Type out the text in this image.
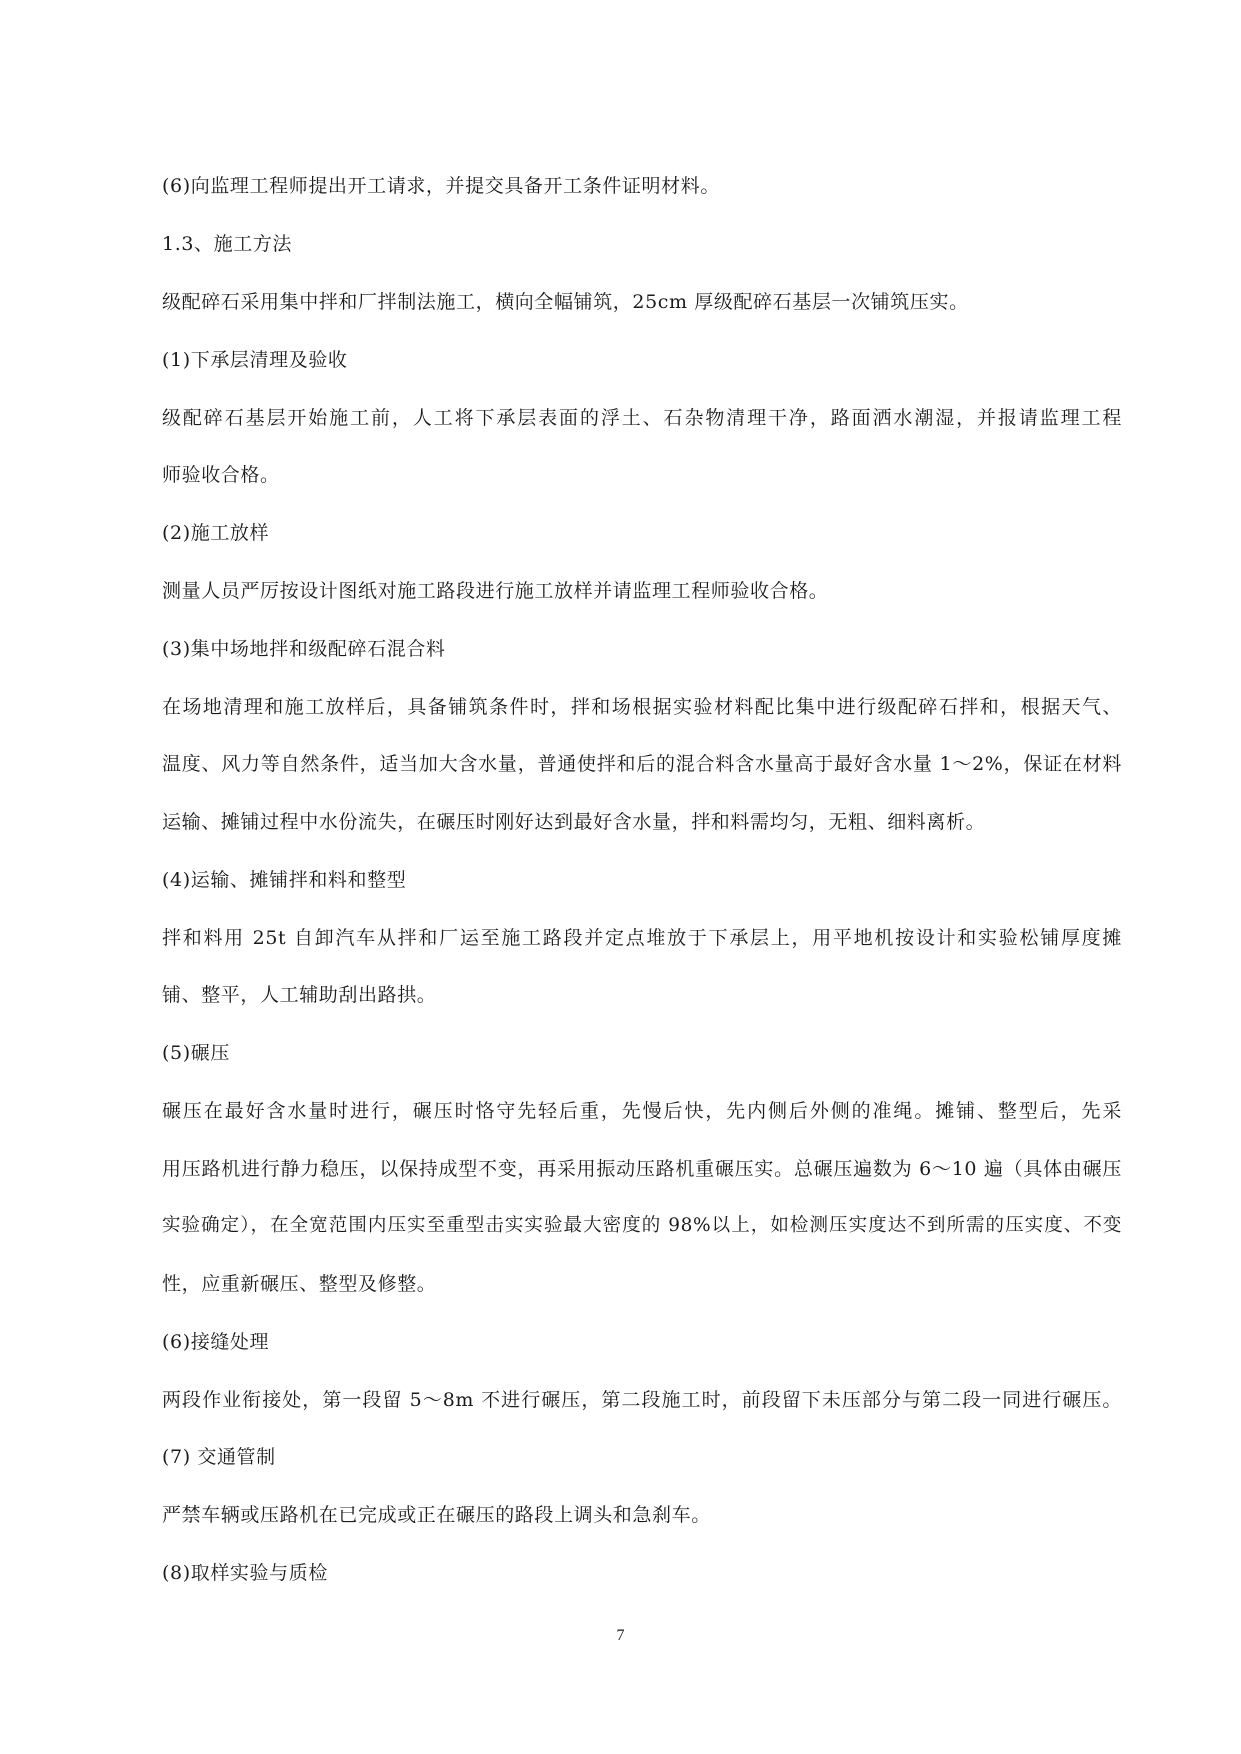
(6)向监理工程师提出开工请求，并提交具备开工条件证明材料。
1.3、施工方法
级配碎石采用集中拌和厂拌制法施工，横向全幅铺筑，25cm 厚级配碎石基层一次铺筑压实。
(1)下承层清理及验收
级配碎石基层开始施工前，人工将下承层表面的浮土、石杂物清理干净，路面洒水潮湿，并报请监理工程
师验收合格。
(2)施工放样
测量人员严厉按设计图纸对施工路段进行施工放样并请监理工程师验收合格。
(3)集中场地拌和级配碎石混合料
在场地清理和施工放样后，具备铺筑条件时，拌和场根据实验材料配比集中进行级配碎石拌和，根据天气、
温度、风力等自然条件，适当加大含水量，普通使拌和后的混合料含水量高于最好含水量 1～2%，保证在材料
运输、摊铺过程中水份流失，在碾压时刚好达到最好含水量，拌和料需均匀，无粗、细料离析。
(4)运输、摊铺拌和料和整型
拌和料用 25t 自卸汽车从拌和厂运至施工路段并定点堆放于下承层上，用平地机按设计和实验松铺厚度摊
铺、整平，人工辅助刮出路拱。
(5)碾压
碾压在最好含水量时进行，碾压时恪守先轻后重，先慢后快，先内侧后外侧的准绳。摊铺、整型后，先采
用压路机进行静力稳压，以保持成型不变，再采用振动压路机重碾压实。总碾压遍数为 6～10 遍（具体由碾压
实验确定），在全宽范围内压实至重型击实实验最大密度的 98%以上，如检测压实度达不到所需的压实度、不变
性，应重新碾压、整型及修整。
(6)接缝处理
两段作业衔接处，第一段留 5～8m 不进行碾压，第二段施工时，前段留下未压部分与第二段一同进行碾压。
(7) 交通管制
严禁车辆或压路机在已完成或正在碾压的路段上调头和急刹车。
(8)取样实验与质检
7
